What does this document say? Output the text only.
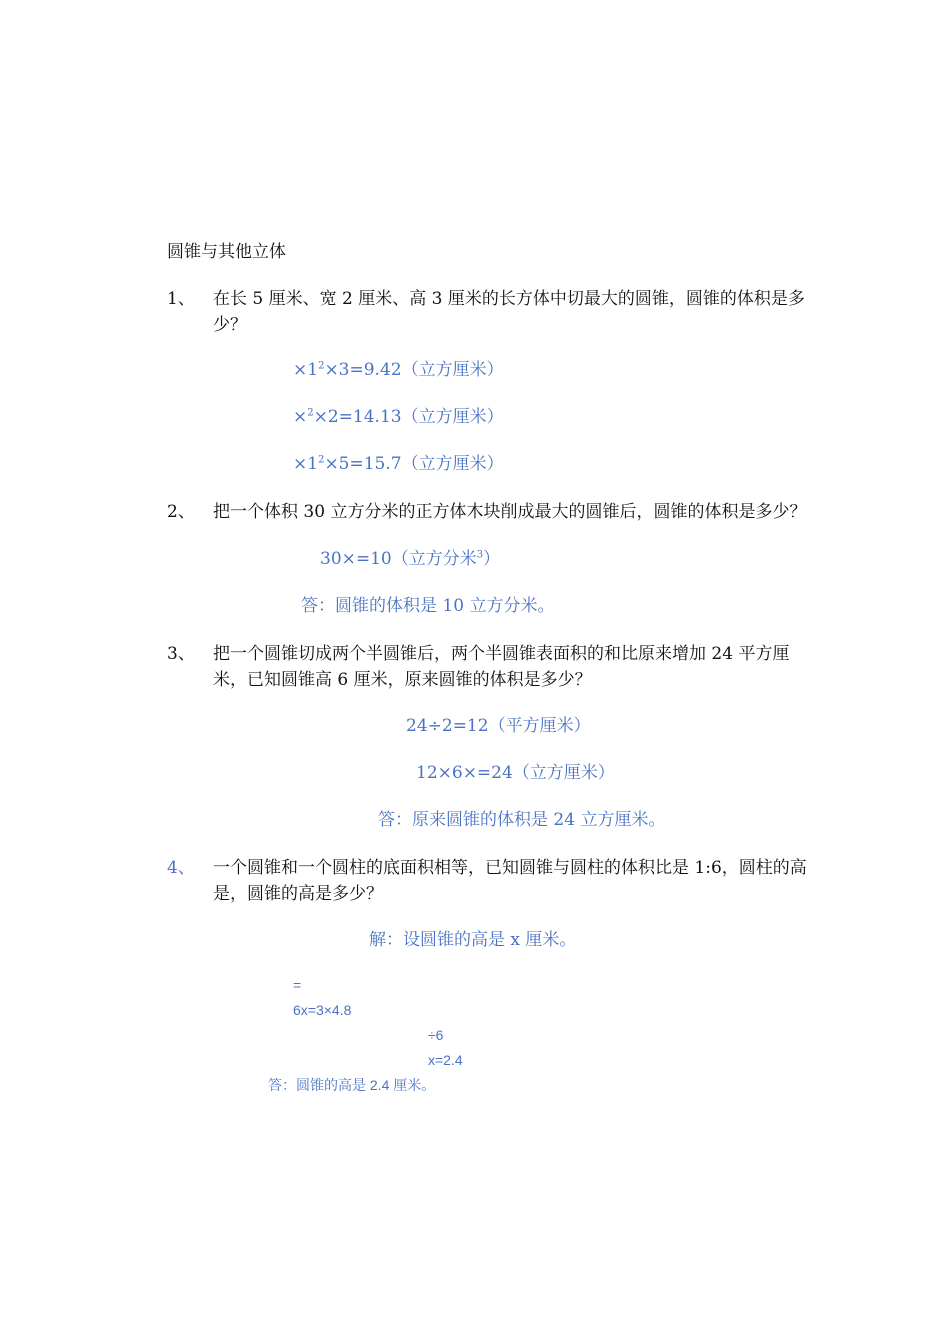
圆锥与其他立体
1、 在长 5 厘米、宽 2 厘米、高 3 厘米的长方体中切最大的圆锥，圆锥的体积是多
少？
$\times 1^2\times 3=9.42$（立方厘米）
×$^2$×2=14.13（立方厘米）
$\times 1^2\times 5=15.7$（立方厘米）
2、 把一个体积 30 立方分米的正方体木块削成最大的圆锥后，圆锥的体积是多少？
30×=10（立方分米$^3$）
答：圆锥的体积是 10 立方分米。
3、 把一个圆锥切成两个半圆锥后，两个半圆锥表面积的和比原来增加 24 平方厘
米，已知圆锥高 6 厘米，原来圆锥的体积是多少？
24÷2=12（平方厘米）
12×6×=24（立方厘米）
答：原来圆锥的体积是 24 立方厘米。
4、 一个圆锥和一个圆柱的底面积相等，已知圆锥与圆柱的体积比是 1:6，圆柱的高
是，圆锥的高是多少？
解：设圆锥的高是 x 厘米。
=
6x=3×4.8
÷6
x=2.4
答：圆锥的高是 2.4 厘米。
